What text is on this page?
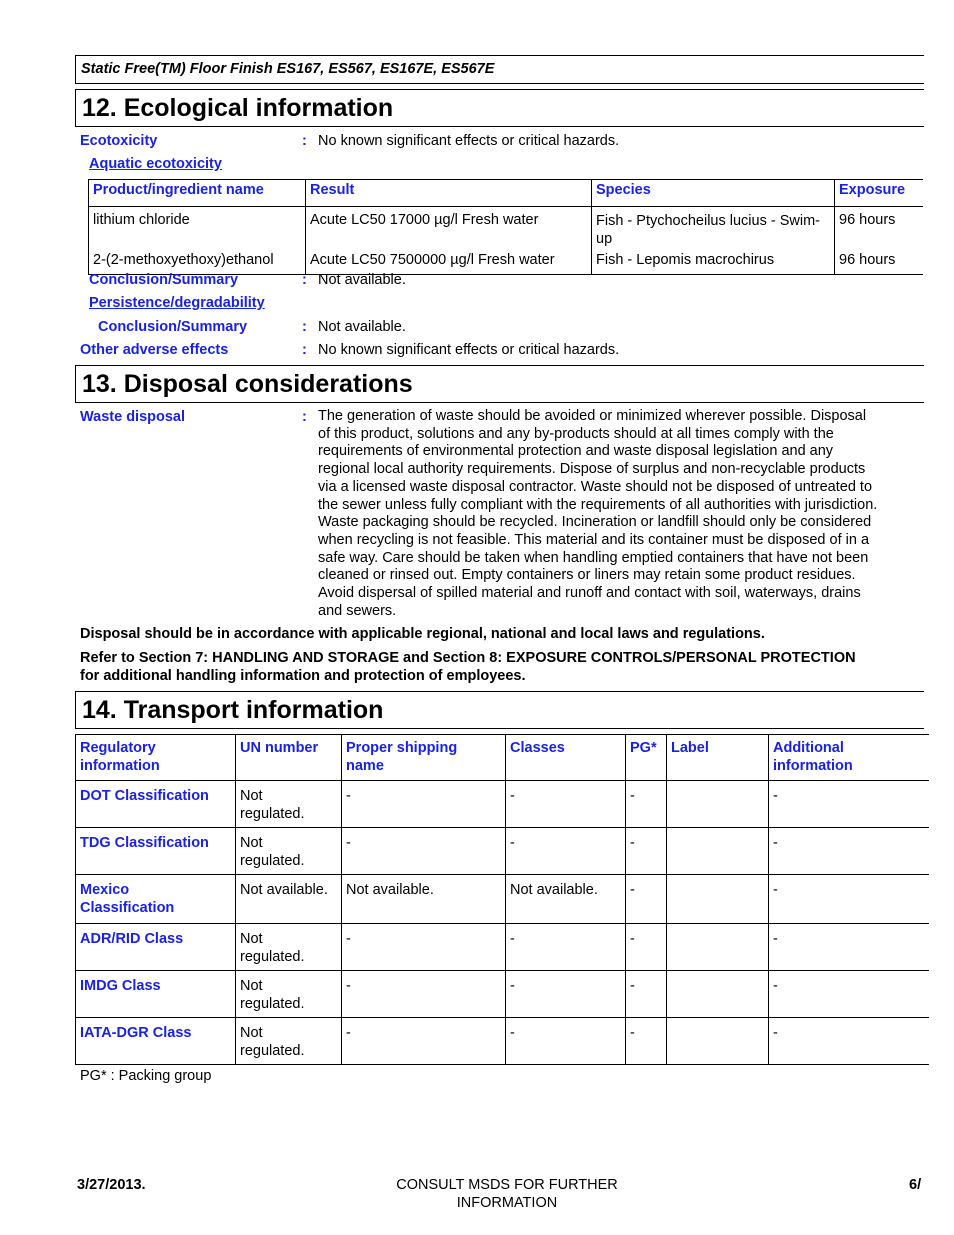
Static Free(TM) Floor Finish ES167, ES567, ES167E, ES567E
12. Ecological information
Ecotoxicity	: No known significant effects or critical hazards.
Aquatic ecotoxicity
Product/ingredient name	Result	Species	Exposure
lithium chloride	Acute LC50 17000 µg/l Fresh water	Fish - Ptychocheilus lucius - Swim-up	96 hours
2-(2-methoxyethoxy)ethanol	Acute LC50 7500000 µg/l Fresh water	Fish - Lepomis macrochirus	96 hours
Conclusion/Summary	: Not available.
Persistence/degradability
Conclusion/Summary	: Not available.
Other adverse effects	: No known significant effects or critical hazards.
13. Disposal considerations
Waste disposal	: The generation of waste should be avoided or minimized wherever possible. Disposal
of this product, solutions and any by-products should at all times comply with the
requirements of environmental protection and waste disposal legislation and any
regional local authority requirements. Dispose of surplus and non-recyclable products
via a licensed waste disposal contractor. Waste should not be disposed of untreated to
the sewer unless fully compliant with the requirements of all authorities with jurisdiction.
Waste packaging should be recycled. Incineration or landfill should only be considered
when recycling is not feasible. This material and its container must be disposed of in a
safe way. Care should be taken when handling emptied containers that have not been
cleaned or rinsed out. Empty containers or liners may retain some product residues.
Avoid dispersal of spilled material and runoff and contact with soil, waterways, drains
and sewers.
Disposal should be in accordance with applicable regional, national and local laws and regulations.
Refer to Section 7: HANDLING AND STORAGE and Section 8: EXPOSURE CONTROLS/PERSONAL PROTECTION
for additional handling information and protection of employees.
14. Transport information
Regulatory
information	UN number	Proper shipping
name	Classes	PG*	Label	Additional
information
DOT Classification	Not
regulated.	-	-	-		-
TDG Classification	Not
regulated.	-	-	-		-
Mexico
Classification	Not available.	Not available.	Not available.	-		-
ADR/RID Class	Not
regulated.	-	-	-		-
IMDG Class	Not
regulated.	-	-	-		-
IATA-DGR Class	Not
regulated.	-	-	-		-
PG* : Packing group
3/27/2013.	CONSULT MSDS FOR FURTHER
INFORMATION
6/
